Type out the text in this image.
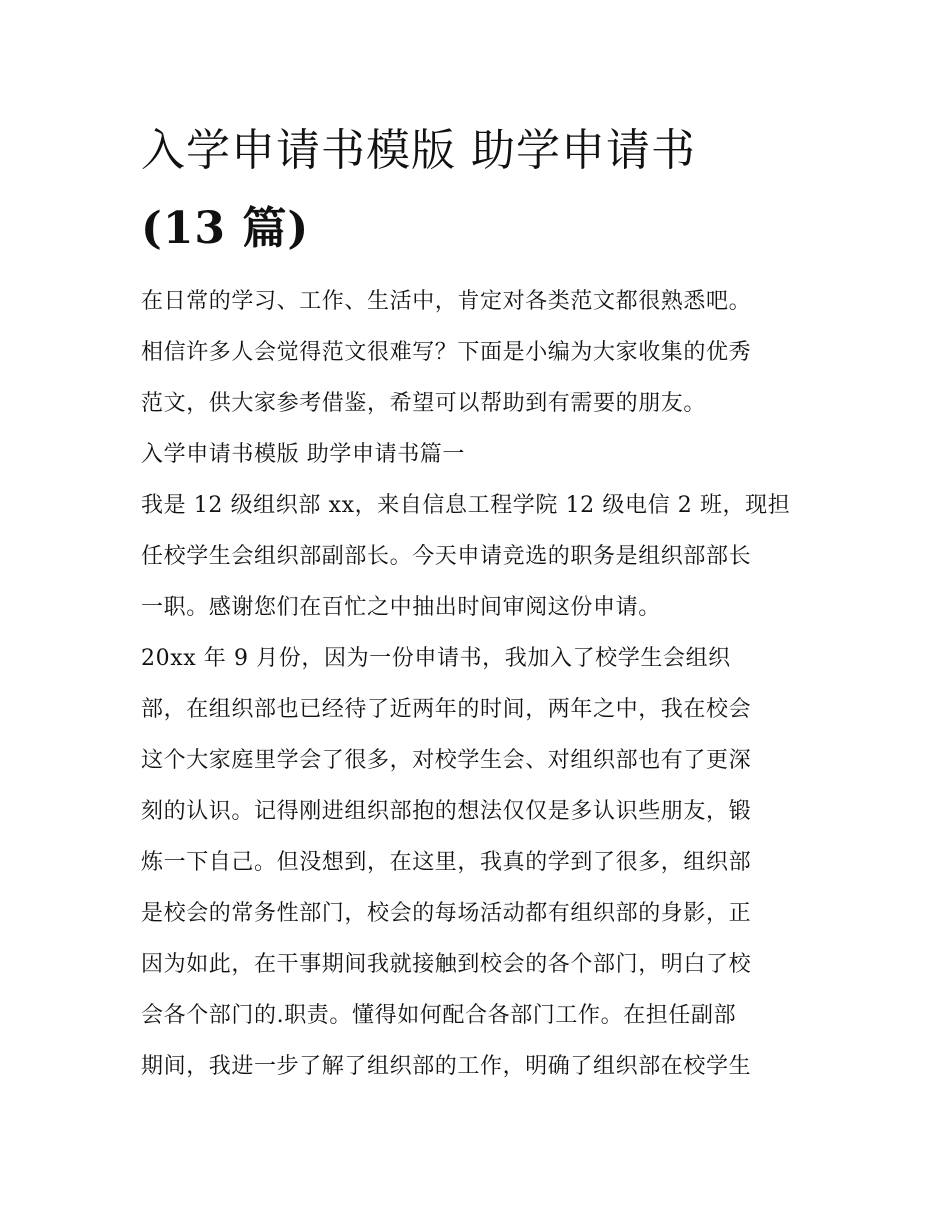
入学申请书模版 助学申请书
(13 篇)
在日常的学习、工作、生活中，肯定对各类范文都很熟悉吧。
相信许多人会觉得范文很难写？下面是小编为大家收集的优秀
范文，供大家参考借鉴，希望可以帮助到有需要的朋友。
入学申请书模版 助学申请书篇一
我是 12 级组织部 xx，来自信息工程学院 12 级电信 2 班，现担
任校学生会组织部副部长。今天申请竞选的职务是组织部部长
一职。感谢您们在百忙之中抽出时间审阅这份申请。
20xx 年 9 月份，因为一份申请书，我加入了校学生会组织
部，在组织部也已经待了近两年的时间，两年之中，我在校会
这个大家庭里学会了很多，对校学生会、对组织部也有了更深
刻的认识。记得刚进组织部抱的想法仅仅是多认识些朋友，锻
炼一下自己。但没想到，在这里，我真的学到了很多，组织部
是校会的常务性部门，校会的每场活动都有组织部的身影，正
因为如此，在干事期间我就接触到校会的各个部门，明白了校
会各个部门的.职责。懂得如何配合各部门工作。在担任副部
期间，我进一步了解了组织部的工作，明确了组织部在校学生
